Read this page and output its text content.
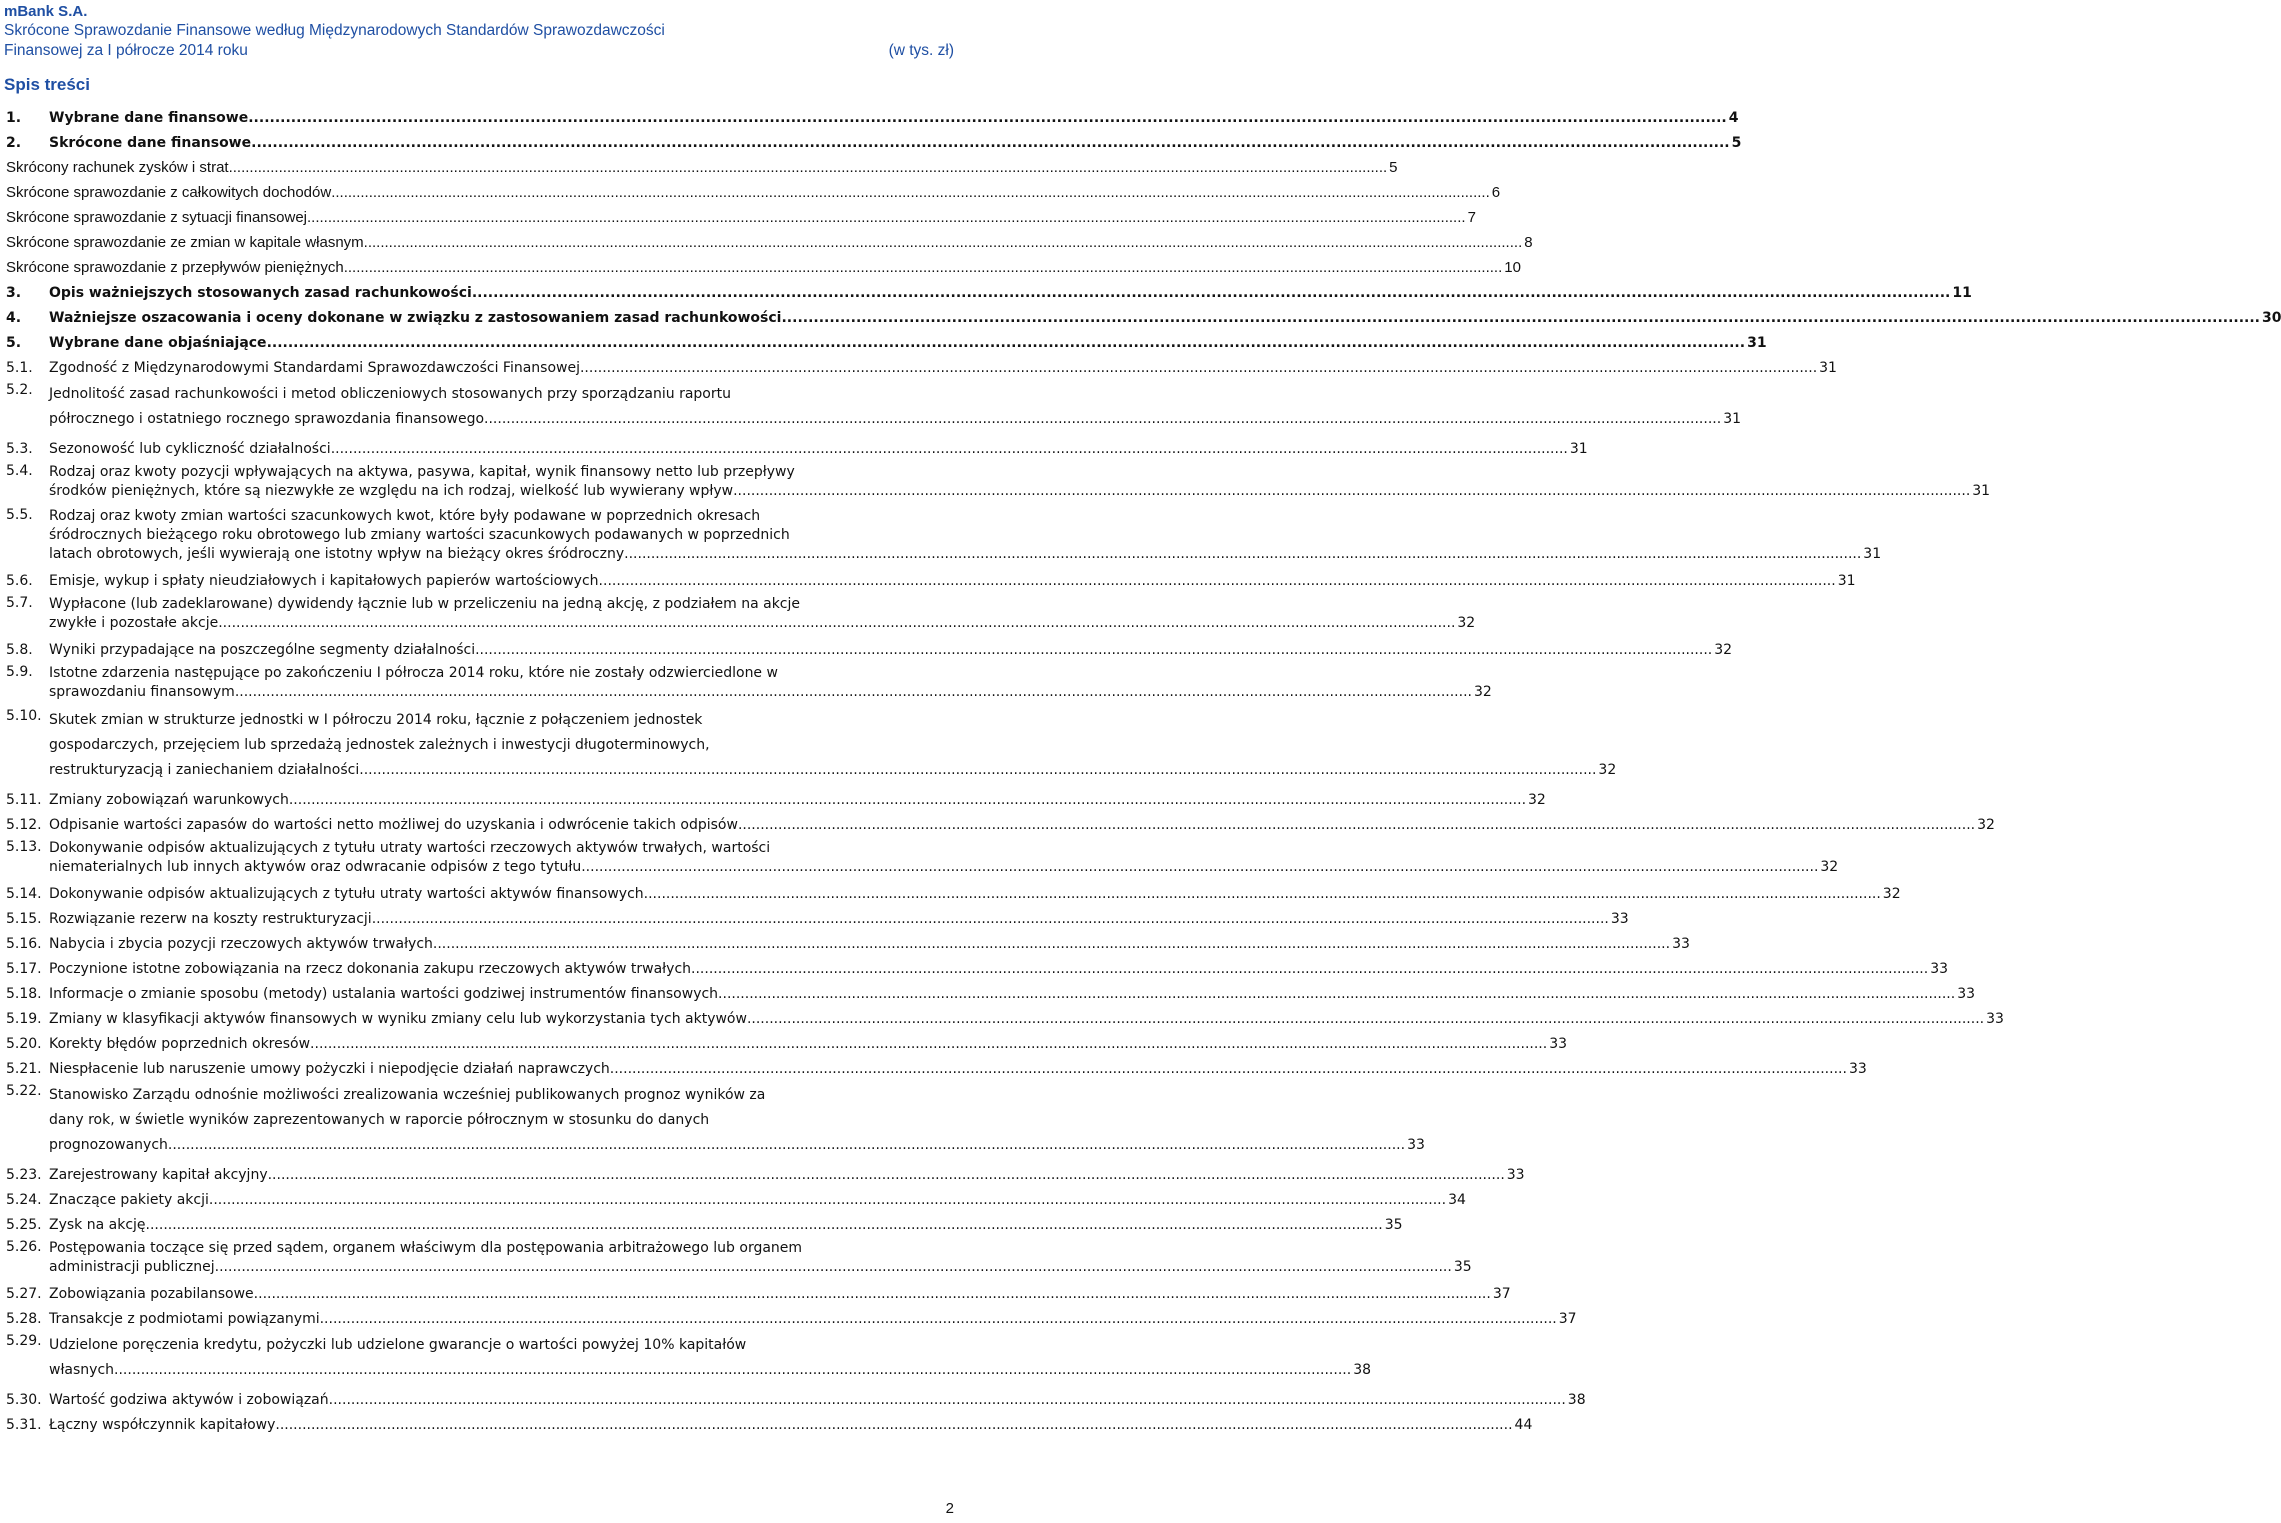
mBank S.A.
Skrócone Sprawozdanie Finansowe według Międzynarodowych Standardów Sprawozdawczości
Finansowej za I półrocze 2014 roku	(w tys. zł)
Spis treści
1.	Wybrane dane finansowe .....	4
2.	Skrócone dane finansowe .....	5
Skrócony rachunek zysków i strat .....	5
Skrócone sprawozdanie z całkowitych dochodów .....	6
Skrócone sprawozdanie z sytuacji finansowej .....	7
Skrócone sprawozdanie ze zmian w kapitale własnym .....	8
Skrócone sprawozdanie z przepływów pieniężnych .....	10
3.	Opis ważniejszych stosowanych zasad rachunkowości .....	11
4.	Ważniejsze oszacowania i oceny dokonane w związku z zastosowaniem zasad rachunkowości .....	30
5.	Wybrane dane objaśniające .....	31
5.1.	Zgodność z Międzynarodowymi Standardami Sprawozdawczości Finansowej .....	31
5.2.	Jednolitość zasad rachunkowości i metod obliczeniowych stosowanych przy sporządzaniu raportu
półrocznego i ostatniego rocznego sprawozdania finansowego .....	31
5.3.	Sezonowość lub cykliczność działalności .....	31
5.4.	Rodzaj oraz kwoty pozycji wpływających na aktywa, pasywa, kapitał, wynik finansowy netto lub przepływy
środków pieniężnych, które są niezwykłe ze względu na ich rodzaj, wielkość lub wywierany wpływ .....	31
5.5.	Rodzaj oraz kwoty zmian wartości szacunkowych kwot, które były podawane w poprzednich okresach
śródrocznych bieżącego roku obrotowego lub zmiany wartości szacunkowych podawanych w poprzednich
latach obrotowych, jeśli wywierają one istotny wpływ na bieżący okres śródroczny .....	31
5.6.	Emisje, wykup i spłaty nieudziałowych i kapitałowych papierów wartościowych .....	31
5.7.	Wypłacone (lub zadeklarowane) dywidendy łącznie lub w przeliczeniu na jedną akcję, z podziałem na akcje
zwykłe i pozostałe akcje .....	32
5.8.	Wyniki przypadające na poszczególne segmenty działalności .....	32
5.9.	Istotne zdarzenia następujące po zakończeniu I półrocza 2014 roku, które nie zostały odzwierciedlone w
sprawozdaniu finansowym .....	32
5.10. Skutek zmian w strukturze jednostki w I półroczu 2014 roku, łącznie z połączeniem jednostek
gospodarczych, przejęciem lub sprzedażą jednostek zależnych i inwestycji długoterminowych,
restrukturyzacją i zaniechaniem działalności .....	32
5.11. Zmiany zobowiązań warunkowych .....	32
5.12. Odpisanie wartości zapasów do wartości netto możliwej do uzyskania i odwrócenie takich odpisów .....	32
5.13. Dokonywanie odpisów aktualizujących z tytułu utraty wartości rzeczowych aktywów trwałych, wartości
niematerialnych lub innych aktywów oraz odwracanie odpisów z tego tytułu .....	32
5.14. Dokonywanie odpisów aktualizujących z tytułu utraty wartości aktywów finansowych .....	32
5.15. Rozwiązanie rezerw na koszty restrukturyzacji .....	33
5.16. Nabycia i zbycia pozycji rzeczowych aktywów trwałych .....	33
5.17. Poczynione istotne zobowiązania na rzecz dokonania zakupu rzeczowych aktywów trwałych .....	33
5.18. Informacje o zmianie sposobu (metody) ustalania wartości godziwej instrumentów finansowych .....	33
5.19. Zmiany w klasyfikacji aktywów finansowych w wyniku zmiany celu lub wykorzystania tych aktywów .....	33
5.20. Korekty błędów poprzednich okresów .....	33
5.21. Niespłacenie lub naruszenie umowy pożyczki i niepodjęcie działań naprawczych .....	33
5.22. Stanowisko Zarządu odnośnie możliwości zrealizowania wcześniej publikowanych prognoz wyników za
dany rok, w świetle wyników zaprezentowanych w raporcie półrocznym w stosunku do danych
prognozowanych .....	33
5.23. Zarejestrowany kapitał akcyjny .....	33
5.24. Znaczące pakiety akcji .....	34
5.25. Zysk na akcję .....	35
5.26. Postępowania toczące się przed sądem, organem właściwym dla postępowania arbitrażowego lub organem
administracji publicznej .....	35
5.27. Zobowiązania pozabilansowe .....	37
5.28. Transakcje z podmiotami powiązanymi .....	37
5.29. Udzielone poręczenia kredytu, pożyczki lub udzielone gwarancje o wartości powyżej 10% kapitałów
własnych .....	38
5.30. Wartość godziwa aktywów i zobowiązań .....	38
5.31. Łączny współczynnik kapitałowy .....	44
2
